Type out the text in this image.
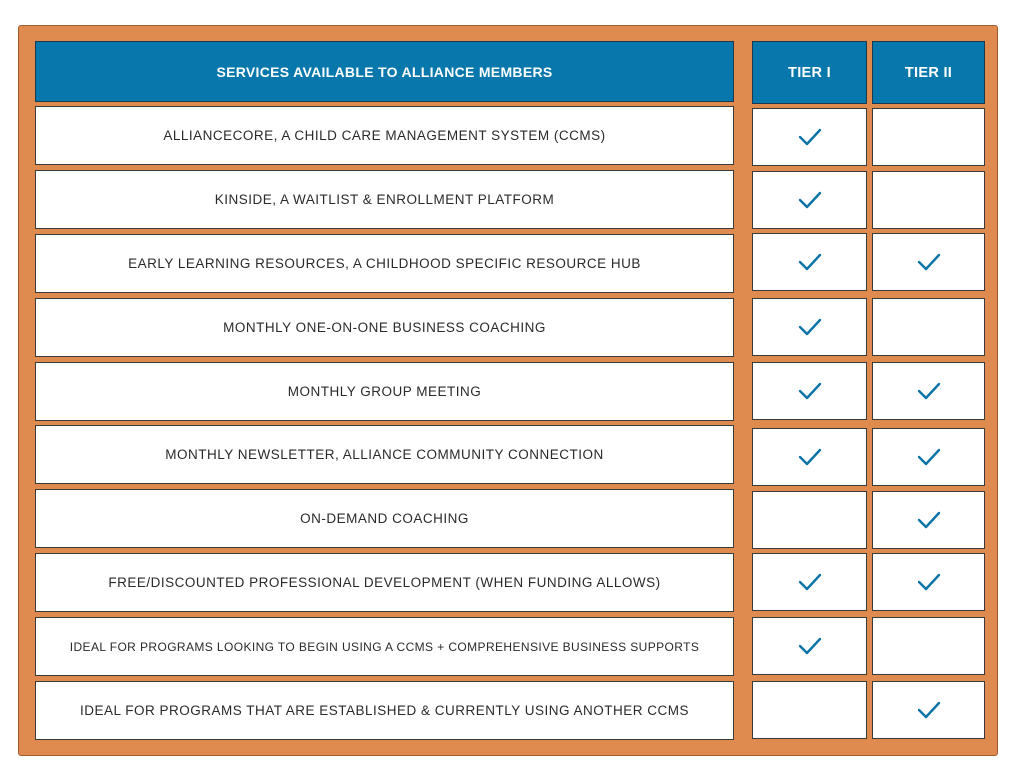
SERVICES AVAILABLE TO ALLIANCE MEMBERS	TIER I	TIER II
ALLIANCECORE, A CHILD CARE MANAGEMENT SYSTEM (CCMS)
KINSIDE, A WAITLIST & ENROLLMENT PLATFORM
EARLY LEARNING RESOURCES, A CHILDHOOD SPECIFIC RESOURCE HUB
MONTHLY ONE-ON-ONE BUSINESS COACHING
MONTHLY GROUP MEETING
MONTHLY NEWSLETTER, ALLIANCE COMMUNITY CONNECTION
ON-DEMAND COACHING
FREE/DISCOUNTED PROFESSIONAL DEVELOPMENT (WHEN FUNDING ALLOWS)
IDEAL FOR PROGRAMS LOOKING TO BEGIN USING A CCMS + COMPREHENSIVE BUSINESS SUPPORTS
IDEAL FOR PROGRAMS THAT ARE ESTABLISHED & CURRENTLY USING ANOTHER CCMS
